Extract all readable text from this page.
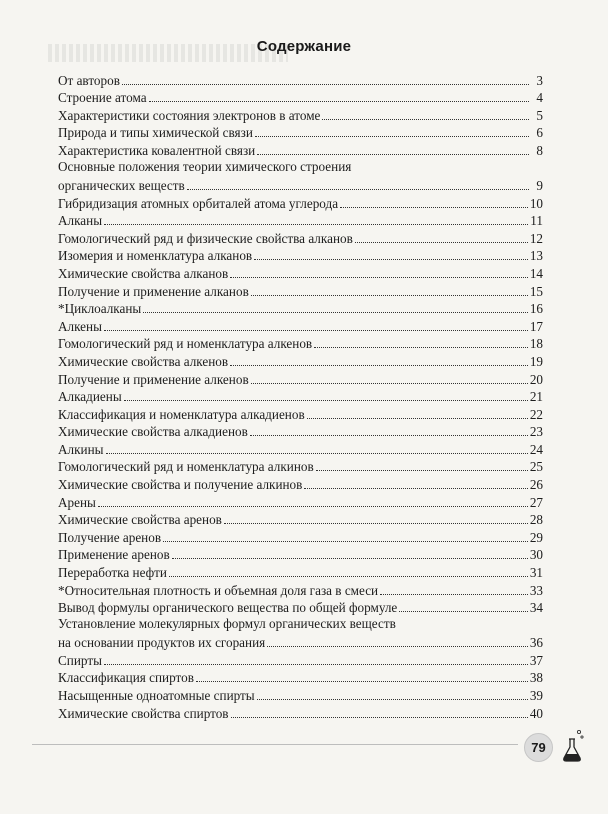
Содержание
От авторов	3
Строение атома	4
Характеристики состояния электронов в атоме	5
Природа и типы химической связи	6
Характеристика ковалентной связи	8
Основные положения теории химического строения
органических веществ	9
Гибридизация атомных орбиталей атома углерода	10
Алканы	11
Гомологический ряд и физические свойства алканов	12
Изомерия и номенклатура алканов	13
Химические свойства алканов	14
Получение и применение алканов	15
*Циклоалканы	16
Алкены	17
Гомологический ряд и номенклатура алкенов	18
Химические свойства алкенов	19
Получение и применение алкенов	20
Алкадиены	21
Классификация и номенклатура алкадиенов	22
Химические свойства алкадиенов	23
Алкины	24
Гомологический ряд и номенклатура алкинов	25
Химические свойства и получение алкинов	26
Арены	27
Химические свойства аренов	28
Получение аренов	29
Применение аренов	30
Переработка нефти	31
*Относительная плотность и объемная доля газа в смеси	33
Вывод формулы органического вещества по общей формуле	34
Установление молекулярных формул органических веществ
на основании продуктов их сгорания	36
Спирты	37
Классификация спиртов	38
Насыщенные одноатомные спирты	39
Химические свойства спиртов	40
79
